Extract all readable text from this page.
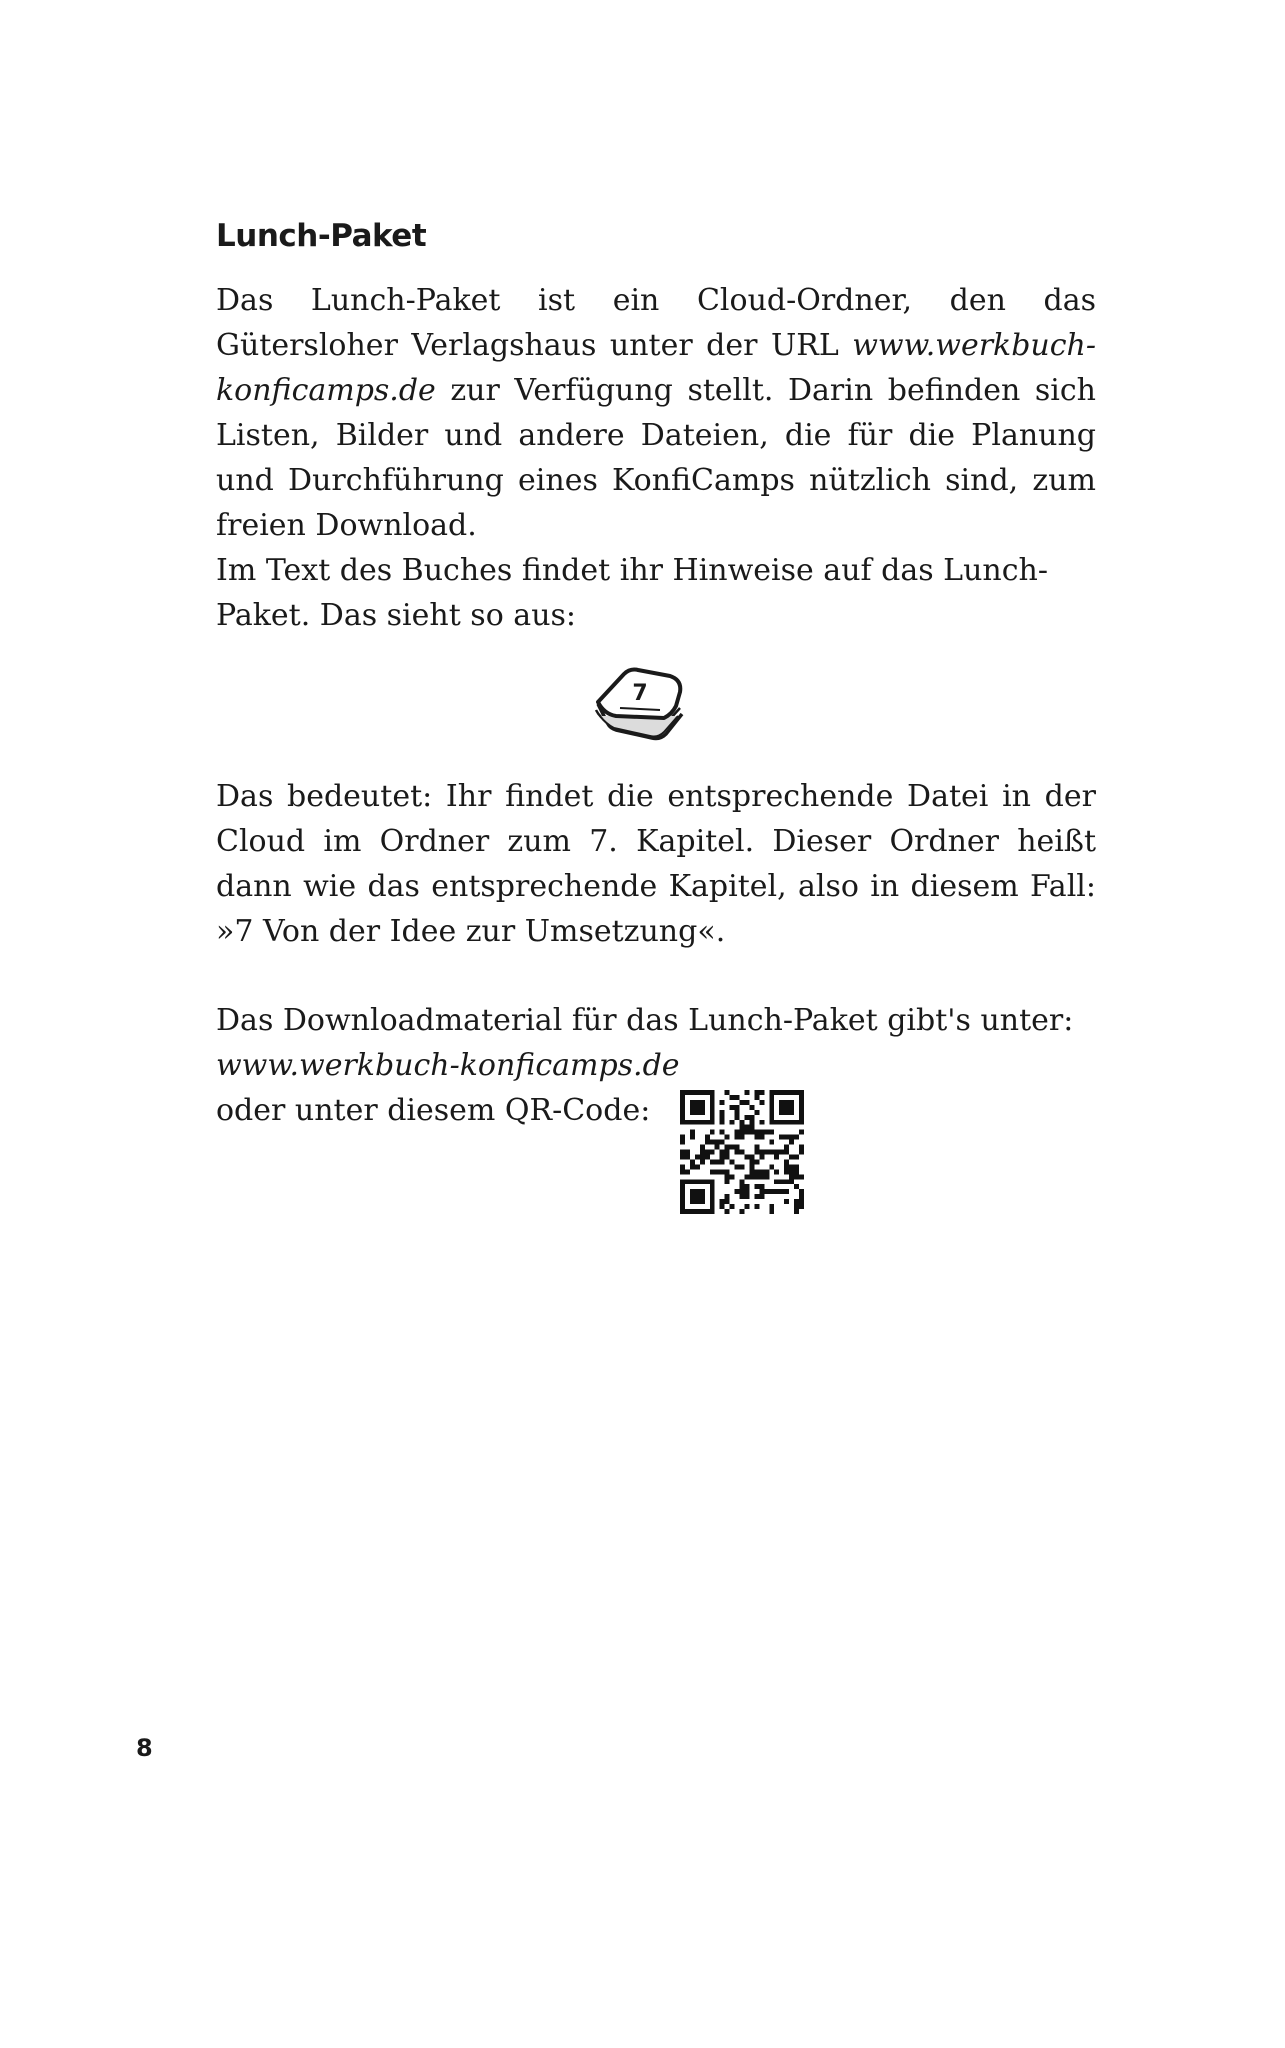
Lunch-Paket

Das Lunch-Paket ist ein Cloud-Ordner, den das Gütersloher Verlagshaus unter der URL www.werkbuch-konficamps.de zur Verfügung stellt. Darin befinden sich Listen, Bilder und andere Dateien, die für die Planung und Durchführung eines KonfiCamps nützlich sind, zum freien Download.

Im Text des Buches findet ihr Hinweise auf das Lunch-Paket. Das sieht so aus:

7

Das bedeutet: Ihr findet die entsprechende Datei in der Cloud im Ordner zum 7. Kapitel. Dieser Ordner heißt dann wie das entsprechende Kapitel, also in diesem Fall: »7 Von der Idee zur Umsetzung«.

Das Downloadmaterial für das Lunch-Paket gibt's unter:

www.werkbuch-konficamps.de

oder unter diesem QR-Code:

8
